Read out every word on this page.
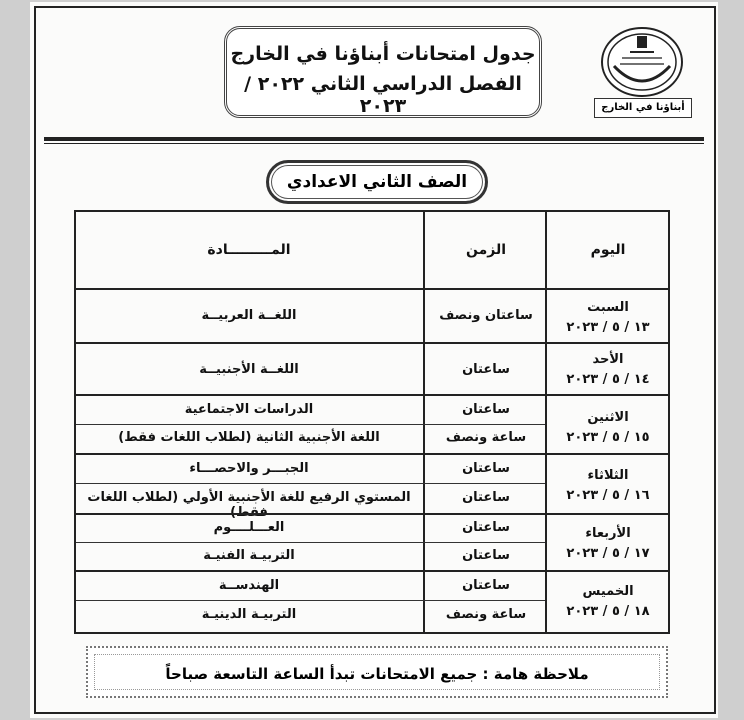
أبناؤنا في الخارج
جدول امتحانات أبناؤنا في الخارج
الفصل الدراسي الثاني ٢٠٢٢ / ٢٠٢٣
الصف الثاني الاعدادي
اليوم
الزمن
المـــــــــادة
السبت
١٣ / ٥ / ٢٠٢٣
ساعتان ونصف
اللغــة العربيــة
الأحد
١٤ / ٥ / ٢٠٢٣
ساعتان
اللغــة الأجنبيــة
الاثنين
١٥ / ٥ / ٢٠٢٣
ساعتان
الدراسات الاجتماعية
ساعة ونصف
اللغة الأجنبية الثانية (لطلاب اللغات فقط)
الثلاثاء
١٦ / ٥ / ٢٠٢٣
ساعتان
الجبـــر والاحصـــاء
ساعتان
المستوي الرفيع للغة الأجنبية الأولي (لطلاب اللغات
الأربعاء
١٧ / ٥ / ٢٠٢٣
ساعتان
العـــلــــوم
ساعتان
التربيـة الفنيـة
الخميس
١٨ / ٥ / ٢٠٢٣
ساعتان
الهندســة
ساعة ونصف
التربيـة الدينيـة
ملاحظة هامة : جميع الامتحانات تبدأ الساعة التاسعة صباحاً
